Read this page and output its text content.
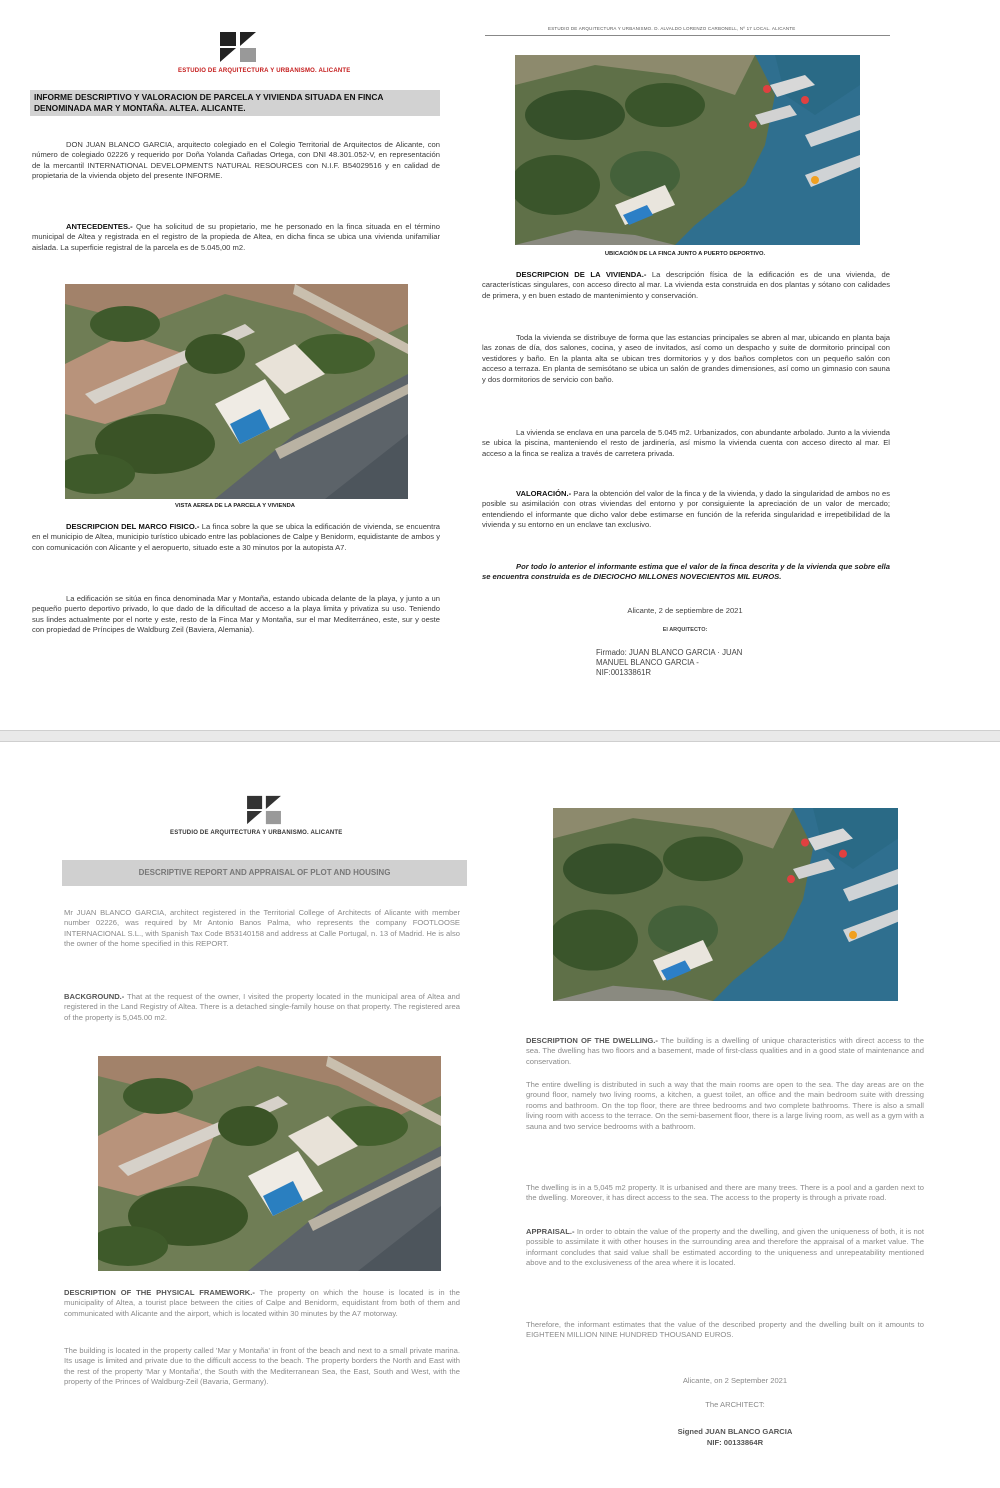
ESTUDIO DE ARQUITECTURA Y URBANISMO. ALICANTE
INFORME DESCRIPTIVO Y VALORACION DE PARCELA Y VIVIENDA SITUADA EN FINCA DENOMINADA MAR Y MONTAÑA. ALTEA. ALICANTE.
DON JUAN BLANCO GARCIA, arquitecto colegiado en el Colegio Territorial de Arquitectos de Alicante, con número de colegiado 02226 y requerido por Doña Yolanda Cañadas Ortega, con DNI 48.301.052-V, en representación de la mercantil INTERNATIONAL DEVELOPMENTS NATURAL RESOURCES con N.I.F. B54029516 y en calidad de propietaria de la vivienda objeto del presente INFORME.
ANTECEDENTES.- Que ha solicitud de su propietario, me he personado en la finca situada en el término municipal de Altea y registrada en el registro de la propieda de Altea, en dicha finca se ubica una vivienda unifamiliar aislada. La superficie registral de la parcela es de 5.045,00 m2.
VISTA AEREA DE LA PARCELA Y VIVIENDA
DESCRIPCION DEL MARCO FISICO.- La finca sobre la que se ubica la edificación de vivienda, se encuentra en el municipio de Altea, municipio turístico ubicado entre las poblaciones de Calpe y Benidorm, equidistante de ambos y con comunicación con Alicante y el aeropuerto, situado este a 30 minutos por la autopista A7.
La edificación se sitúa en finca denominada Mar y Montaña, estando ubicada delante de la playa, y junto a un pequeño puerto deportivo privado, lo que dado de la dificultad de acceso a la playa limita y privatiza su uso. Teniendo sus lindes actualmente por el norte y este, resto de la Finca Mar y Montaña, sur el mar Mediterráneo, este, sur y oeste con propiedad de Príncipes de Waldburg Zeil (Baviera, Alemania).
ESTUDIO DE ARQUITECTURA Y URBANISMO. D. ALVALDO LORENZO CARBONELL, Nº 17 LOCAL. ALICANTE
UBICACIÓN DE LA FINCA JUNTO A PUERTO DEPORTIVO.
DESCRIPCION DE LA VIVIENDA.- La descripción física de la edificación es de una vivienda, de características singulares, con acceso directo al mar. La vivienda esta construida en dos plantas y sótano con calidades de primera, y en buen estado de mantenimiento y conservación.
Toda la vivienda se distribuye de forma que las estancias principales se abren al mar, ubicando en planta baja las zonas de día, dos salones, cocina, y aseo de invitados, así como un despacho y suite de dormitorio principal con vestidores y baño. En la planta alta se ubican tres dormitorios y y dos baños completos con un pequeño salón con acceso a terraza. En planta de semisótano se ubica un salón de grandes dimensiones, así como un gimnasio con sauna y dos dormitorios de servicio con baño.
La vivienda se enclava en una parcela de 5.045 m2. Urbanizados, con abundante arbolado. Junto a la vivienda se ubica la piscina, manteniendo el resto de jardinería, así mismo la vivienda cuenta con acceso directo al mar. El acceso a la finca se realiza a través de carretera privada.
VALORACIÓN.- Para la obtención del valor de la finca y de la vivienda, y dado la singularidad de ambos no es posible su asimilación con otras viviendas del entorno y por consiguiente la apreciación de un valor de mercado; entendiendo el informante que dicho valor debe estimarse en función de la referida singularidad e irrepetibilidad de la vivienda y su entorno en un enclave tan exclusivo.
Por todo lo anterior el informante estima que el valor de la finca descrita y de la vivienda que sobre ella se encuentra construida es de DIECIOCHO MILLONES NOVECIENTOS MIL EUROS.
Alicante, 2 de septiembre de 2021
El ARQUITECTO:
Firmado: JUAN BLANCO GARCIA · JUAN
MANUEL BLANCO GARCIA -
NIF:00133861R
ESTUDIO DE ARQUITECTURA Y URBANISMO. ALICANTE
DESCRIPTIVE REPORT AND APPRAISAL OF PLOT AND HOUSING
Mr JUAN BLANCO GARCIA, architect registered in the Territorial College of Architects of Alicante with member number 02226, was required by Mr Antonio Banos Palma, who represents the company FOOTLOOSE INTERNACIONAL S.L., with Spanish Tax Code B53140158 and address at Calle Portugal, n. 13 of Madrid. He is also the owner of the home specified in this REPORT.
BACKGROUND.- That at the request of the owner, I visited the property located in the municipal area of Altea and registered in the Land Registry of Altea. There is a detached single-family house on that property. The registered area of the property is 5,045.00 m2.
DESCRIPTION OF THE PHYSICAL FRAMEWORK.- The property on which the house is located is in the municipality of Altea, a tourist place between the cities of Calpe and Benidorm, equidistant from both of them and communicated with Alicante and the airport, which is located within 30 minutes by the A7 motorway.
The building is located in the property called 'Mar y Montaña' in front of the beach and next to a small private marina. Its usage is limited and private due to the difficult access to the beach. The property borders the North and East with the rest of the property 'Mar y Montaña', the South with the Mediterranean Sea, the East, South and West, with the property of the Princes of Waldburg-Zeil (Bavaria, Germany).
DESCRIPTION OF THE DWELLING.- The building is a dwelling of unique characteristics with direct access to the sea. The dwelling has two floors and a basement, made of first-class qualities and in a good state of maintenance and conservation.
The entire dwelling is distributed in such a way that the main rooms are open to the sea. The day areas are on the ground floor, namely two living rooms, a kitchen, a guest toilet, an office and the main bedroom suite with dressing rooms and bathroom. On the top floor, there are three bedrooms and two complete bathrooms. There is also a small living room with access to the terrace. On the semi-basement floor, there is a large living room, as well as a gym with a sauna and two service bedrooms with a bathroom.
The dwelling is in a 5,045 m2 property. It is urbanised and there are many trees. There is a pool and a garden next to the dwelling. Moreover, it has direct access to the sea. The access to the property is through a private road.
APPRAISAL.- In order to obtain the value of the property and the dwelling, and given the uniqueness of both, it is not possible to assimilate it with other houses in the surrounding area and therefore the appraisal of a market value. The informant concludes that said value shall be estimated according to the uniqueness and unrepeatability mentioned above and to the exclusiveness of the area where it is located.
Therefore, the informant estimates that the value of the described property and the dwelling built on it amounts to EIGHTEEN MILLION NINE HUNDRED THOUSAND EUROS.
Alicante, on 2 September 2021
The ARCHITECT:
Signed JUAN BLANCO GARCIA
NIF: 00133864R
